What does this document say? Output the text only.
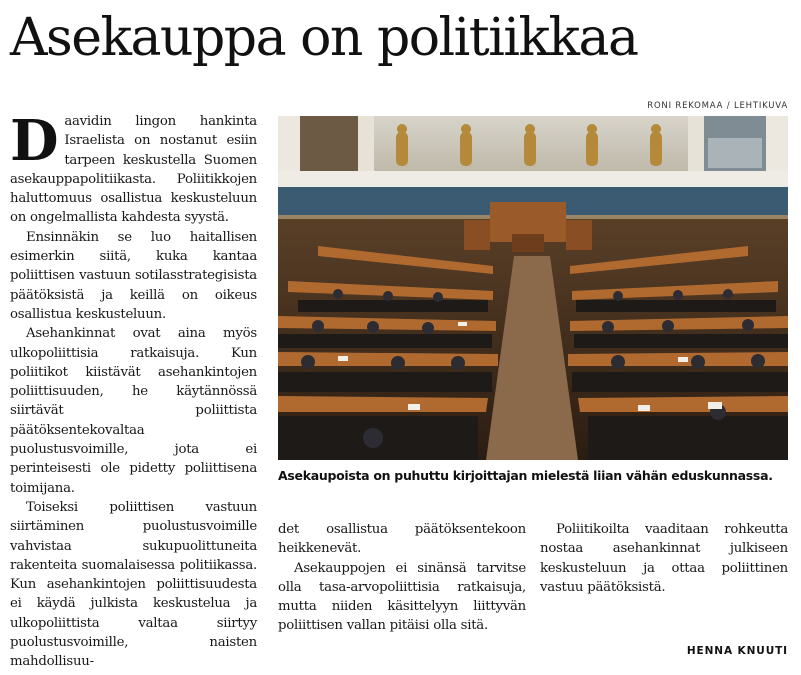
Asekauppa on politiikkaa
RONI REKOMAA / LEHTIKUVA
Asekaupoista on puhuttu kirjoittajan mielestä liian vähän eduskunnassa.

Daavidin lingon hankinta Israelista on nostanut esiin tarpeen keskustella Suomen asekauppapolitiikasta. Poliitikkojen haluttomuus osallistua keskusteluun on ongelmallista kahdesta syystä.

Ensinnäkin se luo haitallisen esimerkin siitä, kuka kantaa poliittisen vastuun sotilasstrategisista päätöksistä ja keillä on oikeus osallistua keskusteluun.

Asehankinnat ovat aina myös ulkopoliittisia ratkaisuja. Kun poliitikot kiistävät asehankintojen poliittisuuden, he käytännössä siirtävät poliittista päätöksentekovaltaa puolustusvoimille, jota ei perinteisesti ole pidetty poliittisena toimijana.

Toiseksi poliittisen vastuun siirtäminen puolustusvoimille vahvistaa sukupuolittuneita rakenteita suomalaisessa politiikassa. Kun asehankintojen poliittisuudesta ei käydä julkista keskustelua ja ulkopoliittista valtaa siirtyy puolustusvoimille, naisten mahdollisuu-

det osallistua päätöksentekoon heikkenevät.

Asekauppojen ei sinänsä tarvitse olla tasa-arvopoliittisia ratkaisuja, mutta niiden käsittelyyn liittyvän poliittisen vallan pitäisi olla sitä.

Poliitikoilta vaaditaan rohkeutta nostaa asehankinnat julkiseen keskusteluun ja ottaa poliittinen vastuu päätöksistä.

HENNA KNUUTI
